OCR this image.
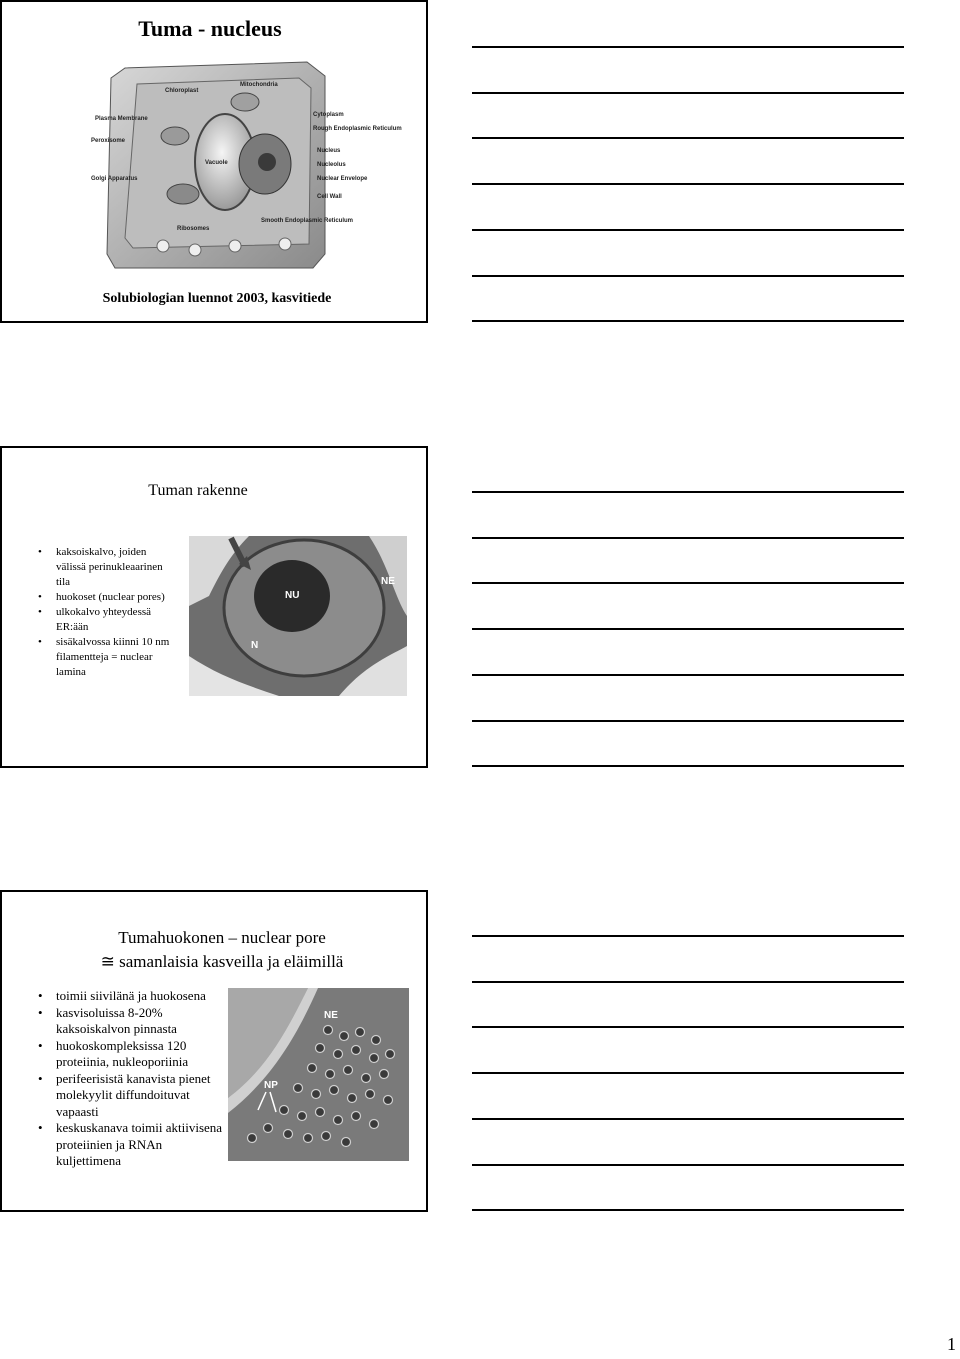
Tuma - nucleus
Chloroplast
Mitochondria
Plasma Membrane
Peroxisome
Cytoplasm
Rough Endoplasmic Reticulum
Nucleus
Nucleolus
Nuclear Envelope
Cell Wall
Golgi Apparatus
Vacuole
Ribosomes
Smooth Endoplasmic Reticulum
Solubiologian luennot 2003, kasvitiede
Tuman rakenne
• kaksoiskalvo, joiden välissä perinukleaarinen tila
• huokoset (nuclear pores)
• ulkokalvo yhteydessä ER:ään
• sisäkalvossa kiinni 10 nm filamentteja = nuclear lamina
NU
NE
N
Tumahuokonen – nuclear pore
≅ samanlaisia kasveilla ja eläimillä
• toimii siivilänä ja huokosena
• kasvisoluissa 8-20% kaksoiskalvon pinnasta
• huokoskompleksissa 120 proteiinia, nukleoporiinia
• perifeerisistä kanavista pienet molekyylit diffundoituvat vapaasti
• keskuskanava toimii aktiivisena proteiinien ja RNAn kuljettimena
NE
NP
1
